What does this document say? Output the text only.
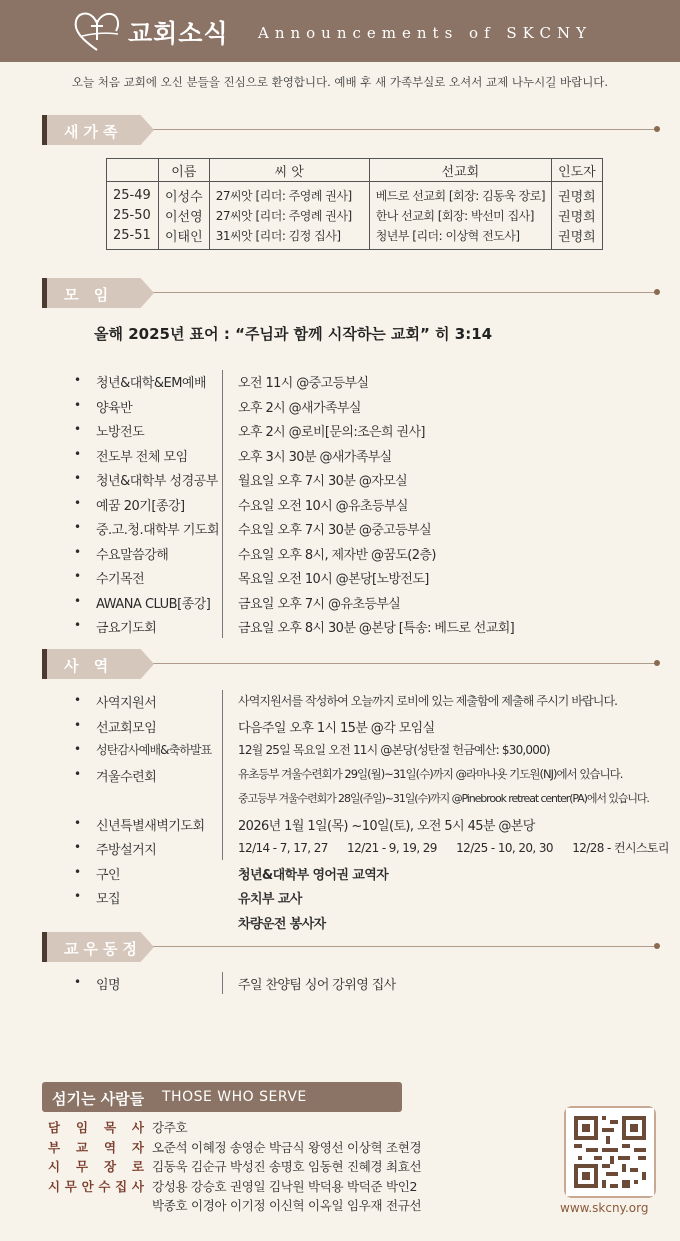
교회소식 Announcements of SKCNY
오늘 처음 교회에 오신 분들을 진심으로 환영합니다. 예배 후 새 가족부실로 오셔서 교제 나누시길 바랍니다.
새가족
	이름	씨 앗	선교회	인도자
25-49	이성수	27씨앗 [리더: 주영례 권사]	베드로 선교회 [회장: 김동욱 장로]	권명희
25-50	이선영	27씨앗 [리더: 주영례 권사]	한나 선교회 [회장: 박선미 집사]	권명희
25-51	이태인	31씨앗 [리더: 김정 집사]	청년부 [리더: 이상혁 전도사]	권명희
모 임
올해 2025년 표어 : “주님과 함께 시작하는 교회” 히 3:14
• 청년&대학&EM예배 오전 11시 @중고등부실
• 양육반	오후 2시 @새가족부실
• 노방전도	오후 2시 @로비[문의:조은희 권사]
• 전도부 전체 모임	오후 3시 30분 @새가족부실
• 청년&대학부 성경공부 월요일 오후 7시 30분 @자모실
• 예꿈 20기[종강]	수요일 오전 10시 @유초등부실
• 중.고.청.대학부 기도회 수요일 오후 7시 30분 @중고등부실
• 수요말씀강해	수요일 오후 8시, 제자반 @꿈도(2층)
• 수기목전	목요일 오전 10시 @본당[노방전도]
• AWANA CLUB[종강] 금요일 오후 7시 @유초등부실
• 금요기도회	금요일 오후 8시 30분 @본당 [특송: 베드로 선교회]
사 역
• 사역지원서	사역지원서를 작성하여 오늘까지 로비에 있는 제출함에 제출해 주시기 바랍니다.
• 선교회모임	다음주일 오후 1시 15분 @각 모임실
• 성탄감사예배&축하발표 12월 25일 목요일 오전 11시 @본당(성탄절 헌금예산: $30,000)
• 겨울수련회	유초등부 겨울수련회가 29일(월)~31일(수)까지 @라마나욧 기도원(NJ)에서 있습니다.
중고등부 겨울수련회가 28일(주일)~31일(수)까지 @Pinebrook retreat center(PA)에서 있습니다.
• 신년특별새벽기도회	2026년 1월 1일(목) ~10일(토), 오전 5시 45분 @본당
• 주방설거지	12/14 - 7, 17, 27      12/21 - 9, 19, 29      12/25 - 10, 20, 30      12/28 - 컨시스토리
• 구인	청년&대학부 영어권 교역자
• 모집	유치부 교사
차량운전 봉사자
교우동정
• 임명	주일 찬양팀 싱어 강위영 집사
섬기는 사람들 THOSE WHO SERVE
담 임 목 사 강주호
부 교 역 자 오준석 이혜정 송영순 박금식 왕영선 이상혁 조현경
시 무 장 로 김동욱 김순규 박성진 송명호 임동현 진혜경 최효선
시 무 안 수 집 사 강성용 강승호 권영일 김낙원 박덕용 박덕준 박인2
박종호 이경아 이기정 이신혁 이옥일 임우재 전규선	www.skcny.org
